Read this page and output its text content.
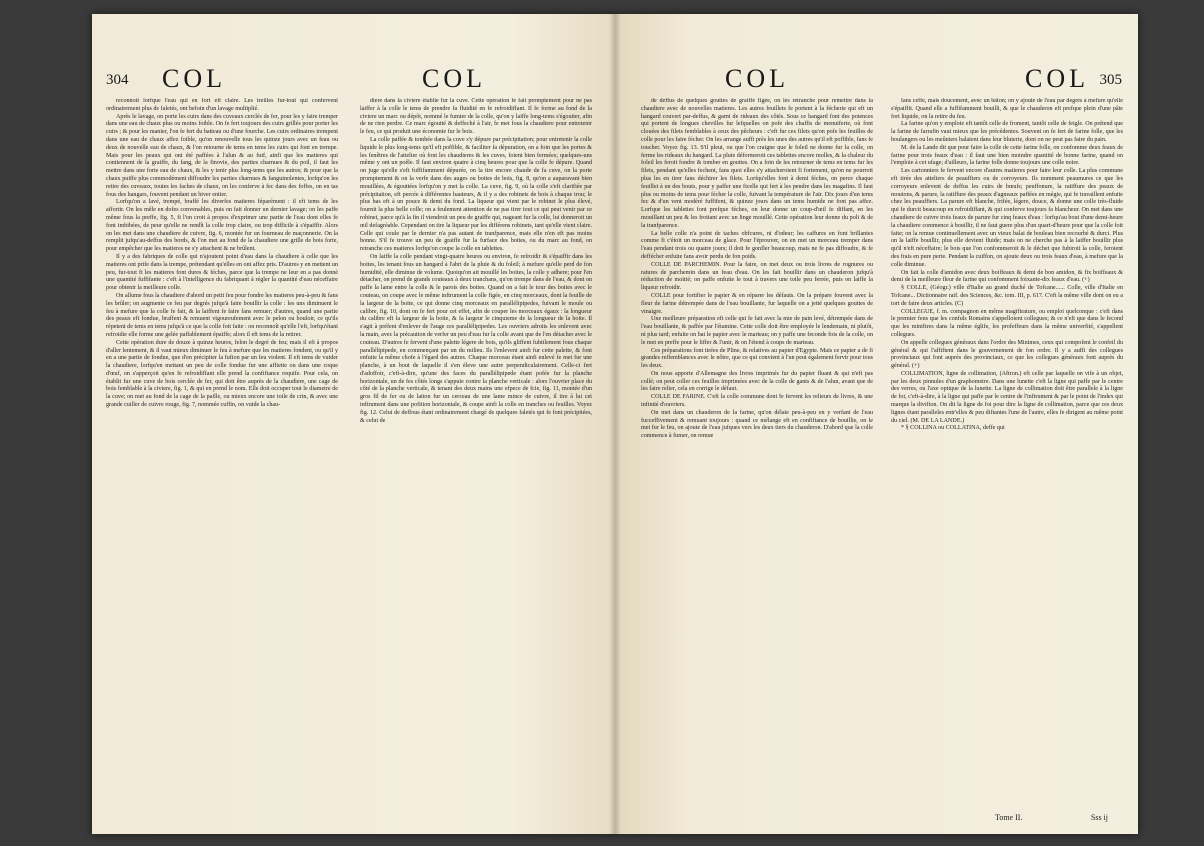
304 COL	COL

reconnoit lorfque l'eau qui en fort eft claire. Les treilles fur-tout qui confervent ordinairement plus de faletés, ont befoin d'un lavage multiplié.

Après le lavage, on porte les cuirs dans des cuveaux cerclés de fer, pour les y faire tremper dans une eau de chaux plus ou moins foible. On fe fert toujours des cuirs grillés pour porter les cuirs ; & pour les manier, l'on fe fert du batteau ou d'une fourche. Les cuirs ordinaires trempent dans une eau de chaux affez foible, qu'on renouvelle tous les quinze jours avec un feau ou deux de nouvelle eau de chaux, & l'on retourne de tems en tems les cuirs qui font en trempe. Mais pour les peaux qui ont été paffées à l'alun & au fuif, ainfi que les matieres qui contiennent de la graiffe, du fang, de la finovie, des parties charnues & du poil, il faut les mettre dans une forte eau de chaux, & les y tenir plus long-tems que les autres; & pour que la chaux puiffe plus commodément diffoudre les parties charnues & fanguinolentes, lorfqu'on les retire des cuveaux, toutes les faches de chaux, on les conferve à fec dans des foffes, on en tas fous des hangars, fouvent pendant un hiver entier.

Lorfqu'on a lavé, trempé, braffé les diverfes matieres féparément : il eft tems de les affortir. On les mêle en dofes convenables, puis on fait donner un dernier lavage; on les paffe même fous la preffe, fig. 5, fi l'on croit à propos d'exprimer une partie de l'eau dont elles fe font imbibées, de peur qu'elle ne rendît la colle trop claire, ou trop difficile à s'épaiffir. Alors on les met dans une chaudiere de cuivre, fig. 6, montée fur un fourneau de maçonnerie. On la remplit jufqu'au-deffus des bords, & l'on met au fond de la chaudiere une grille de bois forte, pour empêcher que les matieres ne s'y attachent & ne brûlent.

Il y a des fabriques de colle qui n'ajoutent point d'eau dans la chaudiere à celle que les matieres ont prife dans la trempe, prétendant qu'elles en ont affez pris. D'autres y en mettent un peu, fur-tout fi les matieres font dures & féches, parce que la trempe ne leur en a pas donné une quantité fuffifante : c'eft à l'intelligence du fabriquant à régler la quantité d'eau néceffaire pour obtenir la meilleure colle.

On allume fous la chaudiere d'abord un petit feu pour fondre les matieres peu-à-peu & fans les brûler; on augmente ce feu par degrés jufqu'à faire bouillir la colle : les uns diminuent le feu à mefure que la colle fe fait, & la laiffent fe faire fans remuer; d'autres, quand une partie des peaux eft fondue, braffent & remuent vigoureufement avec le pelon ou bouloir, ce qu'ils répetent de tems en tems jufqu'à ce que la colle foit faite : on reconnoît qu'elle l'eft, lorfqu'étant refroidie elle forme une gelée paffablement épaiffe; alors il eft tems de la retirer.

Cette opération dure de douze à quinze heures, felon le degré de feu; mais il eft à propos d'aller lentement, & il vaut mieux diminuer le feu à mefure que les matieres fondent, ou qu'il y en a une partie de fondue, que d'en précipiter la fufion par un feu violent. Il eft tems de vuider la chaudiere, lorfqu'en mettant un peu de colle fondue fur une affiette ou dans une coque d'œuf, on s'apperçoit qu'en fe refroidiffant elle prend la confiftance requife. Pour cela, on établit fur une cuve de bois cerclée de fer, qui doit être auprès de la chaudiere, une cage de bois femblable à la civiere, fig. 1, & qui en prend le nom. Elle doit occuper tout le diametre de la cuve; on met au fond de la cage de la paille, ou mieux encore une toile de crin, & avec une grande cuiller de cuivre rouge, fig. 7, nommée cuffin, on vuide la chau-

diere dans la civiere établie fur la cuve. Cette opération fe fait promptement pour ne pas laiffer à la colle le tems de prendre fa fluidité en fe refroidiffant. Il fe forme au fond de la civiere un marc ou dépôt, nommé le fumier de la colle, qu'on y laiffe long-tems s'égoutter, afin de ne rien perdre. Ce marc égoutté & deffeché à l'air, fe met fous la chaudiere pour entretenir le feu, ce qui produit une économie fur le bois.

La colle paffée & tombée dans la cuve s'y dépure par précipitation; pour entretenir la colle liquide le plus long-tems qu'il eft poffible, & faciliter fa dépuration, on a foin que les portes & les fenêtres de l'attelier où font les chaudieres & les cuves, foient bien fermées; quelques-uns même y ont un poêle. Il faut environ quatre à cinq heures pour que la colle fe dépure. Quand on juge qu'elle s'eft fuffifamment dépurée, on la tire encore chaude de fa cuve, on la porte promptement & on la verfe dans des auges ou boites de bois, fig. 8, qu'on a auparavant bien mouillées, & égouttées lorfqu'on y met la colle. La cuve, fig. 9, où la colle s'eft clarifiée par précipitation, eft percée à différentes hauteurs, & il y a des robinets de bois à chaque trou; le plus bas eft à un pouce & demi du fond. La liqueur qui vient par le robinet le plus élevé, fournit la plus belle colle; on a feulement attention de ne pas tirer tout ce qui peut venir par ce robinet, parce qu'à la fin il viendroit un peu de graiffe qui, nageant fur la colle, lui donneroit un œil defagréable. Cependant on tire la liqueur par les différens robinets, tant qu'elle vient claire. Celle qui coule par le dernier n'a pas autant de tranfparence, mais elle n'en eft pas moins bonne. S'il fe trouve un peu de graiffe fur la furface des boites, ou du marc au fond, on retranche ces matieres lorfqu'on coupe la colle en tablettes.

On laiffe la colle pendant vingt-quatre heures ou environ, fe refroidir & s'épaiffir dans les boites, les tenant fous un hangard à l'abri de la pluie & du foleil; à mefure qu'elle perd de fon humidité, elle diminue de volume. Quoiqu'on ait mouillé les boites, la colle y adhere; pour l'en détacher, on prend de grands couteaux à deux tranchans, qu'on trempe dans de l'eau, & dont on paffe la lame entre la colle & le parois des boites. Quand on a fait le tour des boites avec le couteau, on coupe avec le même inftrument la colle figée, en cinq morceaux, dont la feuille de la largeur de la boite, ce qui donne cinq morceaux en parallélipipedes, fuivant le moule ou calibre, fig. 10, dont on fe fert pour cet effet, afin de couper les morceaux égaux : la longueur du calibre eft la largeur de la boite, & fa largeur le cinquieme de la longueur de la boite. Il s'agit à préfent d'enlever de l'auge ces parallélipipedes. Les ouvriers adroits les enlevent avec la main, avec la précaution de verfer un peu d'eau fur la colle avant que de l'en détacher avec le couteau. D'autres fe fervent d'une palette légere de bois, qu'ils gliffent fubtilement fous chaque parallélipipede, en commençant par un du milieu. Ils l'enlevent ainfi fur cette palette, & font enfuite la même chofe à l'égard des autres. Chaque morceau étant ainfi enlevé fe met fur une planche, à un bout de laquelle il s'en éleve une autre perpendiculairement. Celle-ci fert d'adoffoir, c'eft-à-dire, qu'une des faces du parallélipipede étant pofée fur la planche horizontale, un de fes côtés longs s'appuie contre la planche verticale : alors l'ouvrier place du côté de la planche verticale, & tenant des deux mains une efpece de fcie, fig. 11, montée d'un gros fil de fer ou de laiton fur un cerceau de une lame mince de cuivre, il tire à lui cet inftrument dans une pofition horizontale, & coupe ainfi la colle en tranches ou feuilles. Voyez fig. 12. Celui de deffous étant ordinairement chargé de quelques faletés qui fe font précipitées, & celui de

COL	COL 305

de deffus de quelques gouttes de graiffe figée, on les retranche pour remettre dans la chaudiere avec de nouvelles matieres. Les autres feuillets fe portent à la fécherie qui eft un hangard couvert par-deffus, & garni de rideaux des côtés. Sous ce hangard font des potences qui portent de longues chevilles fur lefquelles on pofe des chaffis de menuiferie, où font clouées des filets femblables à ceux des pêcheurs : c'eft fur ces filets qu'on pofe les feuilles de colle pour les faire fécher. On les arrange auffi près les unes des autres qu'il eft poffible, fans fe toucher. Voyez fig. 13. S'il pleut, ou que l'on craigne que le foleil ne donne fur la colle, on ferme les rideaux du hangard. La pluie déformeroit ces tablettes encore molles, & la chaleur du foleil les feroit fondre & tomber en gouttes. On a foin de les retourner de tems en tems fur les filets, pendant qu'elles fechent, fans quoi elles s'y attacheroient fi fortement, qu'on ne pourroit plus les en tirer fans déchirer les filets. Lorfqu'elles font à demi féches, on perce chaque feuillet à un des bouts, pour y paffer une ficelle qui fert à les pendre dans les magafins. Il faut plus ou moins de tems pour fécher la colle, fuivant la température de l'air. Dix jours d'un tems fec & d'un vent modéré fuffifent, & quinze jours dans un tems humide ne font pas affez. Lorfque les tablettes font prefque féches, on leur donne un coup-d'œil fe diffant, en les mouillant un peu & les frottant avec un linge mouillé. Cette opération leur donne du poli & de la tranfparence.

La belle colle n'a point de taches obfcures, ni d'odeur; les caffures en font brillantes comme fi c'étoit un morceau de glace. Pour l'éprouver, on en met un morceau tremper dans l'eau pendant trois ou quatre jours; il doit fe gonfler beaucoup, mais ne fe pas diffoudre, & fe deffécher enfuite fans avoir perdu de fon poids.

COLLE DE PARCHEMIN. Pour la faire, on met deux ou trois livres de rognures ou ratures de parchemin dans un feau d'eau. On les fait bouillir dans un chauderon jufqu'à réduction de moitié; on paffe enfuite le tout à travers une toile peu ferrée, puis on laiffe la liqueur refroidir.

COLLE pour fortifier le papier & en réparer les défauts. On la prépare fouvent avec la fleur de farine détrempée dans de l'eau bouillante, fur laquelle on a jetté quelques gouttes de vinaigre.

Une meilleure préparation eft celle qui fe fait avec la mie de pain levé, détrempée dans de l'eau bouillante, & paffée par l'étamine. Cette colle doit être employée le lendemain, ni plutôt, ni plus tard; enfuite on bat le papier avec le marteau; on y paffe une feconde fois de la colle, on le met en preffe pour le liffer & l'unir, & on l'étend à coups de marteau.

Ces préparations font tirées de Pline, & relatives au papier d'Egypte. Mais ce papier a de fi grandes reffemblances avec le nôtre, que ce qui convient à l'un peut également fervir pour tous les deux.

On nous apporte d'Allemagne des livres imprimés fur du papier fluant & qui n'eft pas collé; on peut coller ces feuilles imprimées avec de la colle de gants & de l'alun, avant que de les faire relier, cela en corrige le défaut.

COLLE DE FARINE. C'eft la colle commune dont fe fervent les relieurs de livres, & une infinité d'ouvriers.

On met dans un chauderon de la farine, qu'on délaie peu-à-peu en y verfant de l'eau fucceffivement & remuant toujours : quand ce mélange eft en confiftance de bouillie, on le met fur le feu, on ajoute de l'eau jufques vers les deux tiers du chauderon. D'abord que la colle commence à fumer, on remue

fans ceffe, mais doucement, avec un bâton; on y ajoute de l'eau par degrés à mefure qu'elle s'épaiffit. Quand elle a fuffifamment bouilli, & que le chauderon eft prefque plein d'une pâte fort liquide, on la retire du feu.

La farine qu'on y emploie eft tantôt celle de froment, tantôt celle de feigle. On prétend que la farine de farrafin vaut mieux que les précédentes. Souvent on fe fert de farine folle, que les boulangers ou les meûniers balaient dans leur bluterie, dont on ne peut pas faire du pain.

M. de la Lande dit que pour faire la colle de cette farine folle, on confomme deux feaux de farine pour trois feaux d'eau : il faut une bien moindre quantité de bonne farine, quand on l'emploie à cet ufage; d'ailleurs, la farine folle donne toujours une colle noire.

Les cartonniers fe fervent encore d'autres matieres pour faire leur colle. La plus commune eft tirée des atteliers de peauffiers ou de corroyeurs. Ils nomment peaumures ce que les corroyeurs enlevent de deffus les cuirs de bœufs; peuffonure, la ratiffure des peaux de moutons, & parure, la ratiffure des peaux d'agneaux paffées en mégie, qui fe travaillent enfuite chez les peauffiers. La parure eft blanche, frifée, légere, douce, & donne une colle très-fluide qui fe durcit beaucoup en refroidiffant, & qui conferve toujours fa blancheur. On met dans une chaudiere de cuivre trois feaux de parure fur cinq feaux d'eau : lorfqu'au bout d'une demi-heure la chaudiere commence à bouillir, il ne faut guere plus d'un quart-d'heure pour que la colle foit faite; on la remue continuellement avec un vieux balai de bouleau bien recourbé & durci. Plus on la laiffe bouillir, plus elle devient fluide; mais on ne cherche pas à la laiffer bouillir plus qu'il n'eft néceffaire; le bois que l'on confommeroit & le déchet que fubiroit la colle, feroient des frais en pure perte. Pendant la cuiffon, on ajoute deux ou trois feaux d'eau, à mefure que la colle diminue.

On fait la colle d'amidon avec deux boiffeaux & demi de bon amidon, & fix boiffeaux & demi de la meilleure fleur de farine qui confomment foixante-dix feaux d'eau. (+)

§ COLLE, (Géogr.) ville d'Italie au grand duché de Tofcane...... Colle, ville d'Italie en Tofcane... Dictionnaire raif. des Sciences, &c. tom. III, p. 617. C'eft la même ville dont on eu a tort de faire deux articles. (C)

COLLEGUE, f. m. compagnon en même magiftrature, ou emploi quelconque : c'eft dans le premier fens que les confuls Romains s'appelloient collegues; & ce n'eft que dans le fecond que les miniftres dans la même églife, les profeffeurs dans la même univerfité, s'appellent collegues.

On appelle collegues généraux dans l'ordre des Minimes, ceux qui compofent le confeil du général & qui l'affiftent dans le gouvernement de fon ordre. Il y a auffi des collegues provinciaux qui font auprès des provinciaux, ce que les collegues généraux font auprès du général. (+)

COLLIMATION, ligne de collimation, (Aftron.) eft celle par laquelle on vife à un objet, par les deux pinnules d'un graphometre. Dans une lunette c'eft la ligne qui paffe par le centre des verres, ou l'axe optique de la lunette. La ligne de collimation doit être parallele à la ligne de foi, c'eft-à-dire, à la ligne qui paffe par le centre de l'inftrument & par le point de l'index qui marque la divifion. On dit la ligne de foi pour dire la ligne de collimation, parce que ces deux lignes étant paralleles entr'elles & peu diftantes l'une de l'autre, elles fe dirigent au même point du ciel. (M. DE LA LANDE.)

* § COLLINA ou COLLATINA, deffe qui

Tome II.	Sss ij
